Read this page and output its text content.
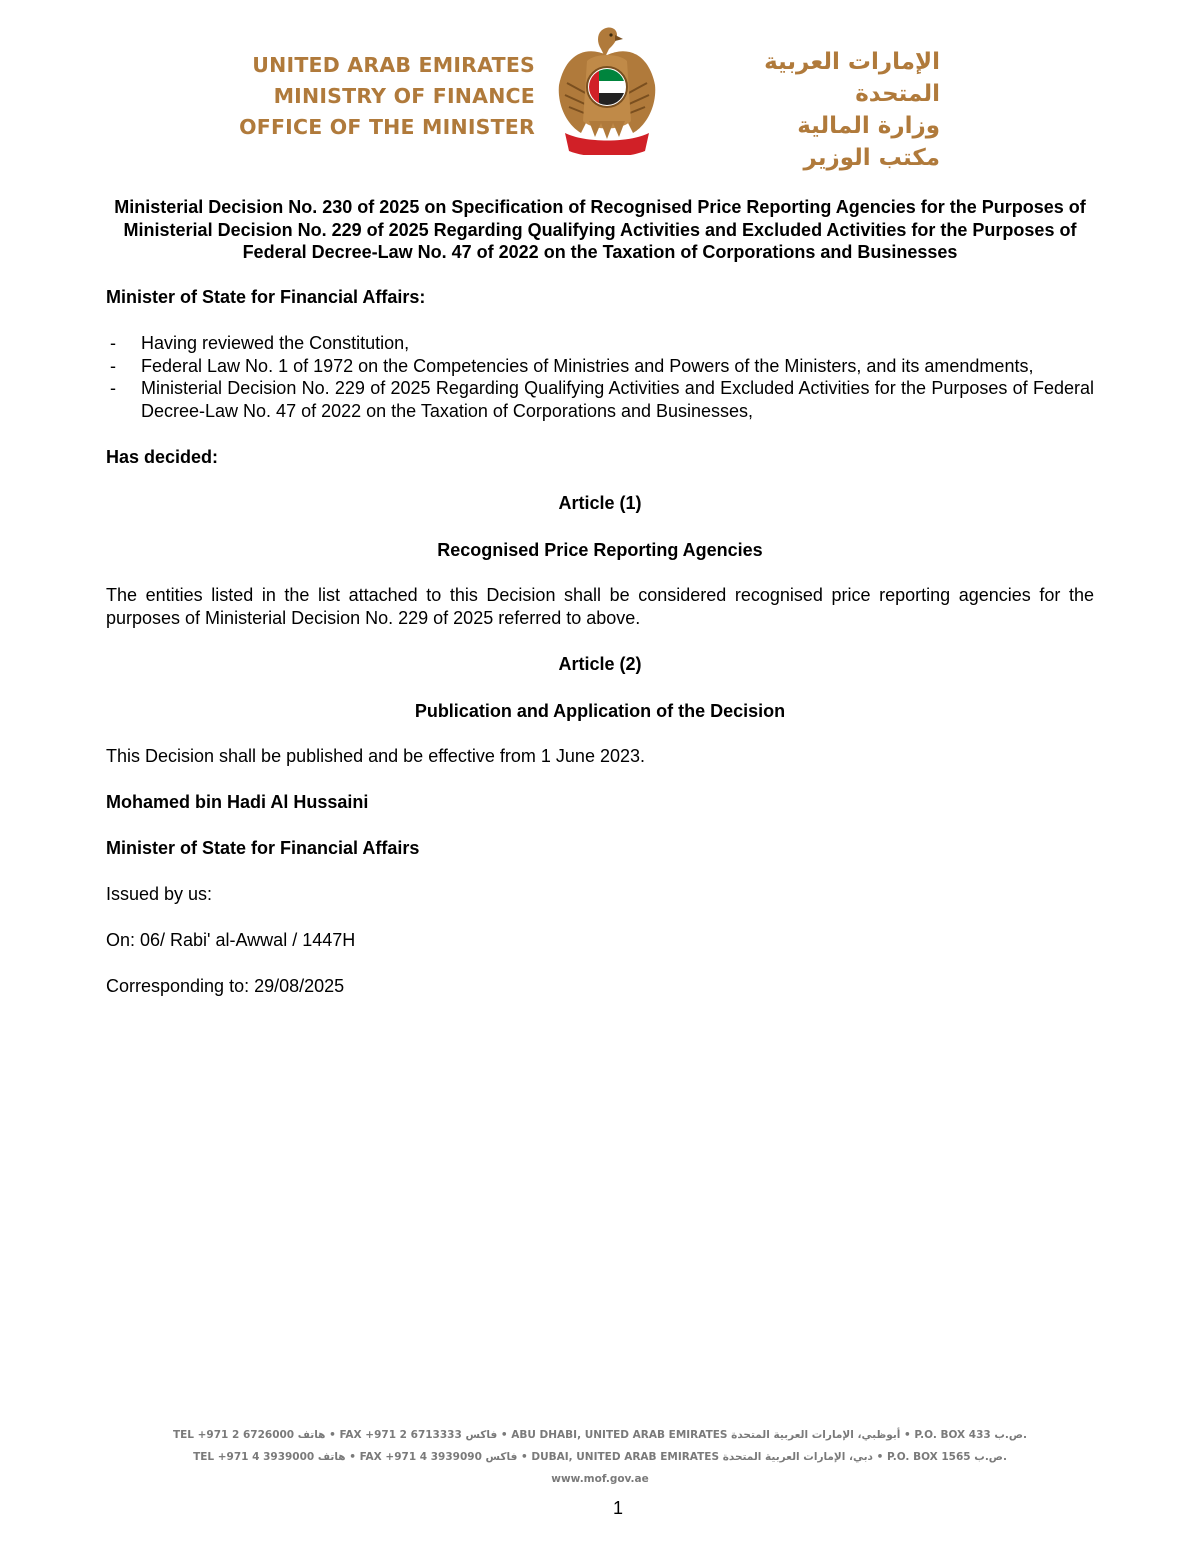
UNITED ARAB EMIRATES
MINISTRY OF FINANCE
OFFICE OF THE MINISTER
الإمارات العربية المتحدة
وزارة المالية
مكتب الوزير
Ministerial Decision No. 230 of 2025 on Specification of Recognised Price Reporting Agencies for the Purposes of Ministerial Decision No. 229 of 2025 Regarding Qualifying Activities and Excluded Activities for the Purposes of Federal Decree-Law No. 47 of 2022 on the Taxation of Corporations and Businesses
Minister of State for Financial Affairs:
- Having reviewed the Constitution,
- Federal Law No. 1 of 1972 on the Competencies of Ministries and Powers of the Ministers, and its amendments,
- Ministerial Decision No. 229 of 2025 Regarding Qualifying Activities and Excluded Activities for the Purposes of Federal Decree-Law No. 47 of 2022 on the Taxation of Corporations and Businesses,
Has decided:
Article (1)
Recognised Price Reporting Agencies
The entities listed in the list attached to this Decision shall be considered recognised price reporting agencies for the purposes of Ministerial Decision No. 229 of 2025 referred to above.
Article (2)
Publication and Application of the Decision
This Decision shall be published and be effective from 1 June 2023.
Mohamed bin Hadi Al Hussaini
Minister of State for Financial Affairs
Issued by us:
On: 06/ Rabi' al-Awwal / 1447H
Corresponding to: 29/08/2025
TEL +971 2 6726000 هاتف • FAX +971 2 6713333 فاكس • ABU DHABI, UNITED ARAB EMIRATES أبوظبي، الإمارات العربية المتحدة • P.O. BOX 433 ص.ب.
TEL +971 4 3939000 هاتف • FAX +971 4 3939090 فاكس • DUBAI, UNITED ARAB EMIRATES دبي، الإمارات العربية المتحدة • P.O. BOX 1565 ص.ب.
www.mof.gov.ae
1
